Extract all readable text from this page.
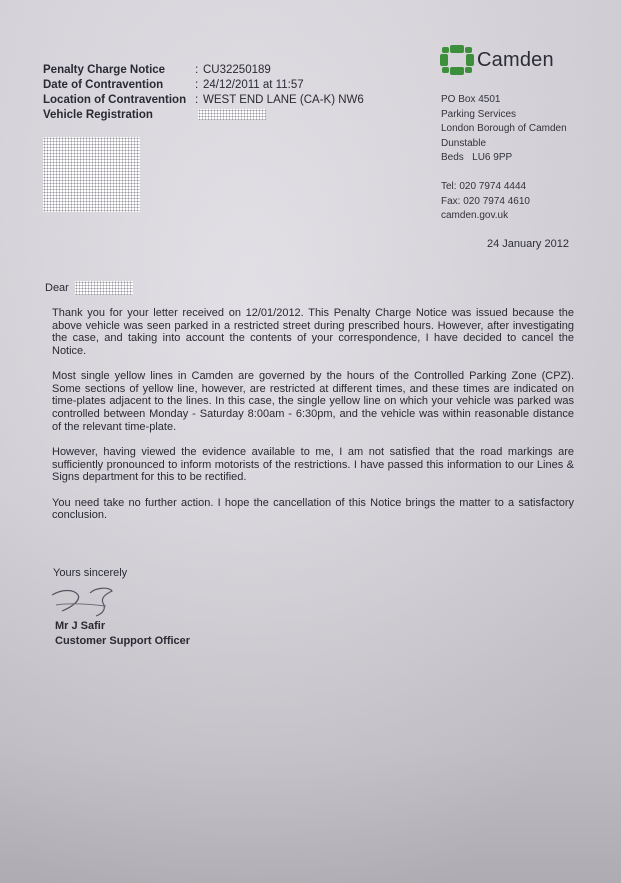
Penalty Charge Notice	: CU32250189
Date of Contravention	: 24/12/2011 at 11:57
Location of Contravention : WEST END LANE (CA-K) NW6
Vehicle Registration
Camden
PO Box 4501
Parking Services
London Borough of Camden
Dunstable
Beds   LU6 9PP
Tel: 020 7974 4444
Fax: 020 7974 4610
camden.gov.uk
24 January 2012
Dear

Thank you for your letter received on 12/01/2012. This Penalty Charge Notice was issued because the above vehicle was seen parked in a restricted street during prescribed hours. However, after investigating the case, and taking into account the contents of your correspondence, I have decided to cancel the Notice.

Most single yellow lines in Camden are governed by the hours of the Controlled Parking Zone (CPZ). Some sections of yellow line, however, are restricted at different times, and these times are indicated on time-plates adjacent to the lines. In this case, the single yellow line on which your vehicle was parked was controlled between Monday - Saturday 8:00am - 6:30pm, and the vehicle was within reasonable distance of the relevant time-plate.

However, having viewed the evidence available to me, I am not satisfied that the road markings are sufficiently pronounced to inform motorists of the restrictions. I have passed this information to our Lines & Signs department for this to be rectified.

You need take no further action. I hope the cancellation of this Notice brings the matter to a satisfactory conclusion.

Yours sincerely
Mr J Safir
Customer Support Officer
